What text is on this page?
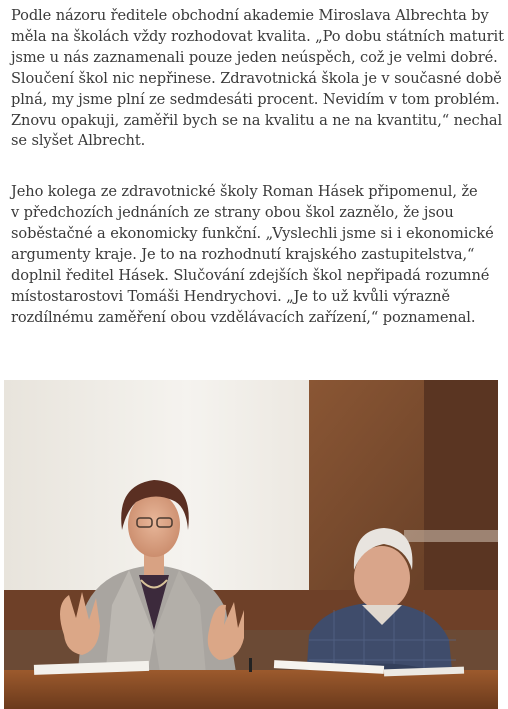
Podle názoru ředitele obchodní akademie Miroslava Albrechta by
měla na školách vždy rozhodovat kvalita. „Po dobu státních maturit
jsme u nás zaznamenali pouze jeden neúspěch, což je velmi dobré.
Sloučení škol nic nepřinese. Zdravotnická škola je v současné době
plná, my jsme plní ze sedmdesáti procent. Nevidím v tom problém.
Znovu opakuji, zaměřil bych se na kvalitu a ne na kvantitu,“ nechal
se slyšet Albrecht.

Jeho kolega ze zdravotnické školy Roman Hásek připomenul, že
v předchozích jednáních ze strany obou škol zaznělo, že jsou
soběstačné a ekonomicky funkční. „Vyslechli jsme si i ekonomické
argumenty kraje. Je to na rozhodnutí krajského zastupitelstva,“
doplnil ředitel Hásek. Slučování zdejších škol nepřipadá rozumné
místostarostovi Tomáši Hendrychovi. „Je to už kvůli výrazně
rozdílnému zaměření obou vzdělávacích zařízení,“ poznamenal.
